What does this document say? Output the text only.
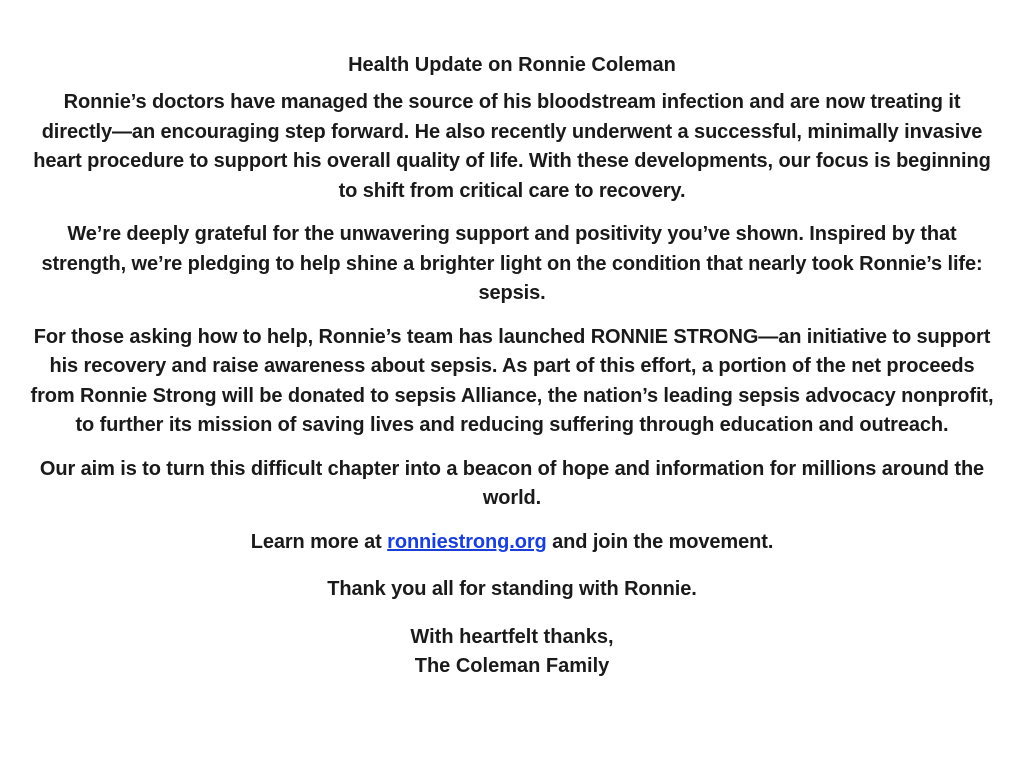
Health Update on Ronnie Coleman

Ronnie’s doctors have managed the source of his bloodstream infection and are now treating it directly—an encouraging step forward. He also recently underwent a successful, minimally invasive heart procedure to support his overall quality of life. With these developments, our focus is beginning to shift from critical care to recovery.

We’re deeply grateful for the unwavering support and positivity you’ve shown. Inspired by that strength, we’re pledging to help shine a brighter light on the condition that nearly took Ronnie’s life: sepsis.

For those asking how to help, Ronnie’s team has launched RONNIE STRONG—an initiative to support his recovery and raise awareness about sepsis. As part of this effort, a portion of the net proceeds from Ronnie Strong will be donated to sepsis Alliance, the nation’s leading sepsis advocacy nonprofit, to further its mission of saving lives and reducing suffering through education and outreach.

Our aim is to turn this difficult chapter into a beacon of hope and information for millions around the world.

Learn more at ronniestrong.org and join the movement.

Thank you all for standing with Ronnie.

With heartfelt thanks,

The Coleman Family
